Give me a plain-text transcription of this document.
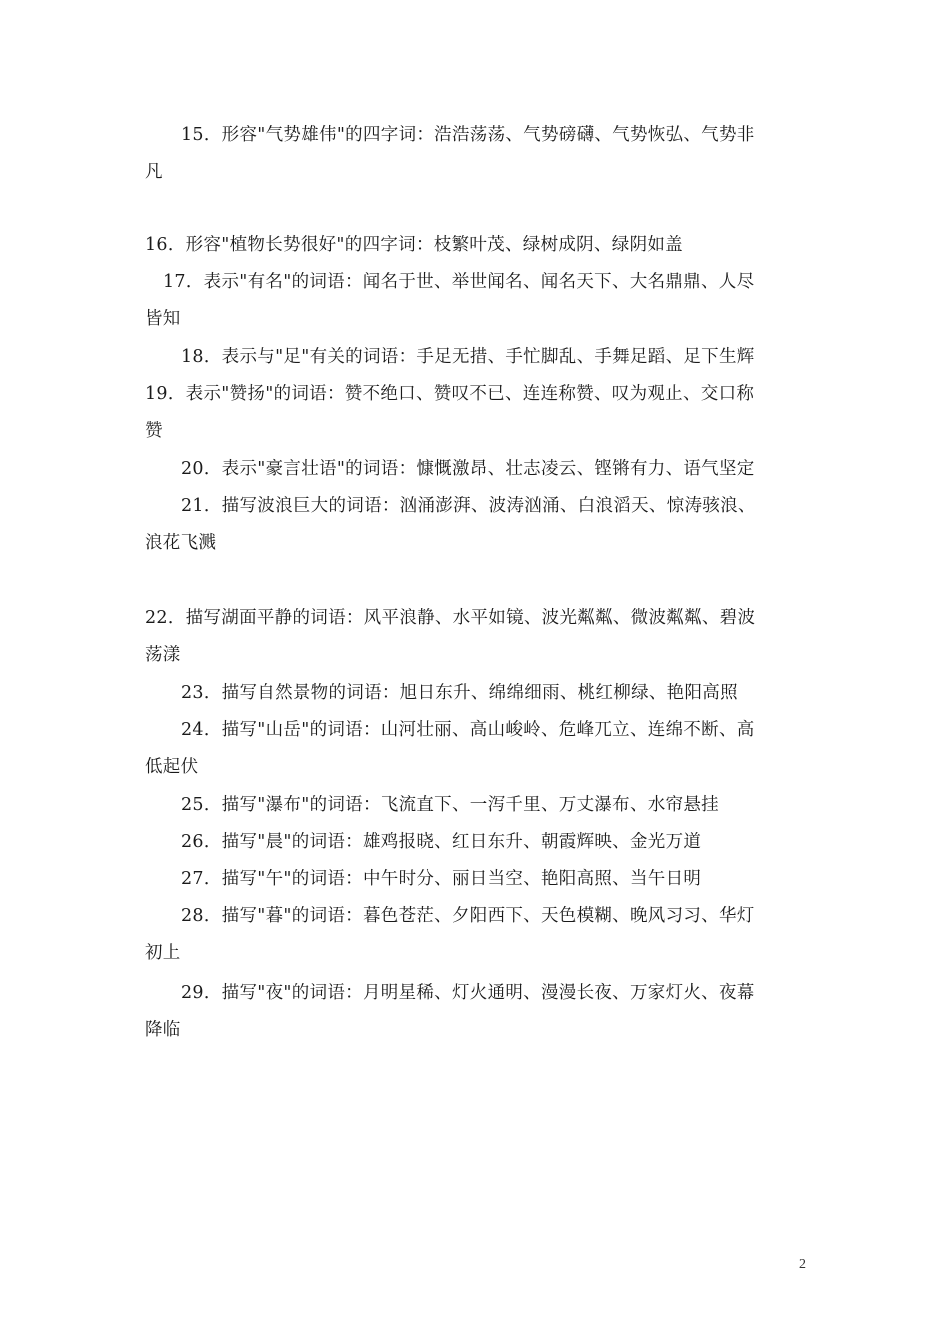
15．形容"气势雄伟"的四字词：浩浩荡荡、气势磅礴、气势恢弘、气势非
凡
16．形容"植物长势很好"的四字词：枝繁叶茂、绿树成阴、绿阴如盖
17．表示"有名"的词语：闻名于世、举世闻名、闻名天下、大名鼎鼎、人尽
皆知
18．表示与"足"有关的词语：手足无措、手忙脚乱、手舞足蹈、足下生辉
19．表示"赞扬"的词语：赞不绝口、赞叹不已、连连称赞、叹为观止、交口称
赞
20．表示"豪言壮语"的词语：慷慨激昂、壮志凌云、铿锵有力、语气坚定
21．描写波浪巨大的词语：汹涌澎湃、波涛汹涌、白浪滔天、惊涛骇浪、
浪花飞溅
22．描写湖面平静的词语：风平浪静、水平如镜、波光粼粼、微波粼粼、碧波
荡漾
23．描写自然景物的词语：旭日东升、绵绵细雨、桃红柳绿、艳阳高照
24．描写"山岳"的词语：山河壮丽、高山峻岭、危峰兀立、连绵不断、高
低起伏
25．描写"瀑布"的词语：飞流直下、一泻千里、万丈瀑布、水帘悬挂
26．描写"晨"的词语：雄鸡报晓、红日东升、朝霞辉映、金光万道
27．描写"午"的词语：中午时分、丽日当空、艳阳高照、当午日明
28．描写"暮"的词语：暮色苍茫、夕阳西下、天色模糊、晚风习习、华灯
初上
29．描写"夜"的词语：月明星稀、灯火通明、漫漫长夜、万家灯火、夜幕
降临
2
